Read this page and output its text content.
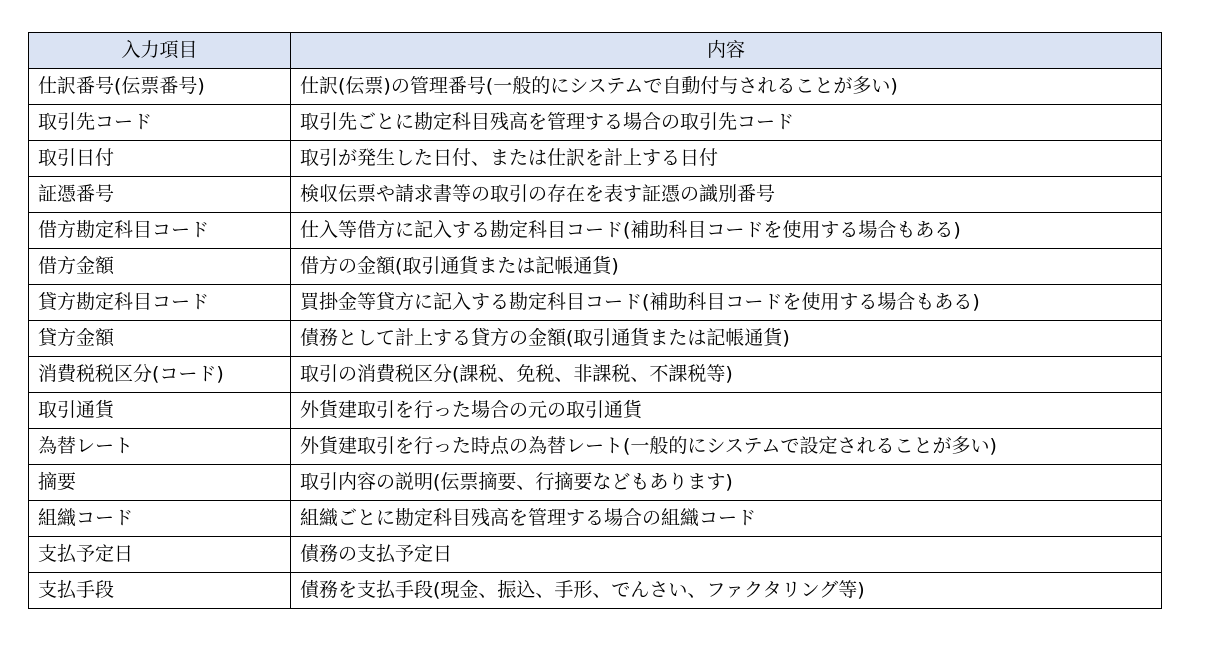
入力項目	内容
仕訳番号(伝票番号)	仕訳(伝票)の管理番号(一般的にシステムで自動付与されることが多い)
取引先コード	取引先ごとに勘定科目残高を管理する場合の取引先コード
取引日付	取引が発生した日付、または仕訳を計上する日付
証憑番号	検収伝票や請求書等の取引の存在を表す証憑の識別番号
借方勘定科目コード	仕入等借方に記入する勘定科目コード(補助科目コードを使用する場合もある)
借方金額	借方の金額(取引通貨または記帳通貨)
貸方勘定科目コード	買掛金等貸方に記入する勘定科目コード(補助科目コードを使用する場合もある)
貸方金額	債務として計上する貸方の金額(取引通貨または記帳通貨)
消費税税区分(コード)	取引の消費税区分(課税、免税、非課税、不課税等)
取引通貨	外貨建取引を行った場合の元の取引通貨
為替レート	外貨建取引を行った時点の為替レート(一般的にシステムで設定されることが多い)
摘要	取引内容の説明(伝票摘要、行摘要などもあります)
組織コード	組織ごとに勘定科目残高を管理する場合の組織コード
支払予定日	債務の支払予定日
支払手段	債務を支払手段(現金、振込、手形、でんさい、ファクタリング等)
